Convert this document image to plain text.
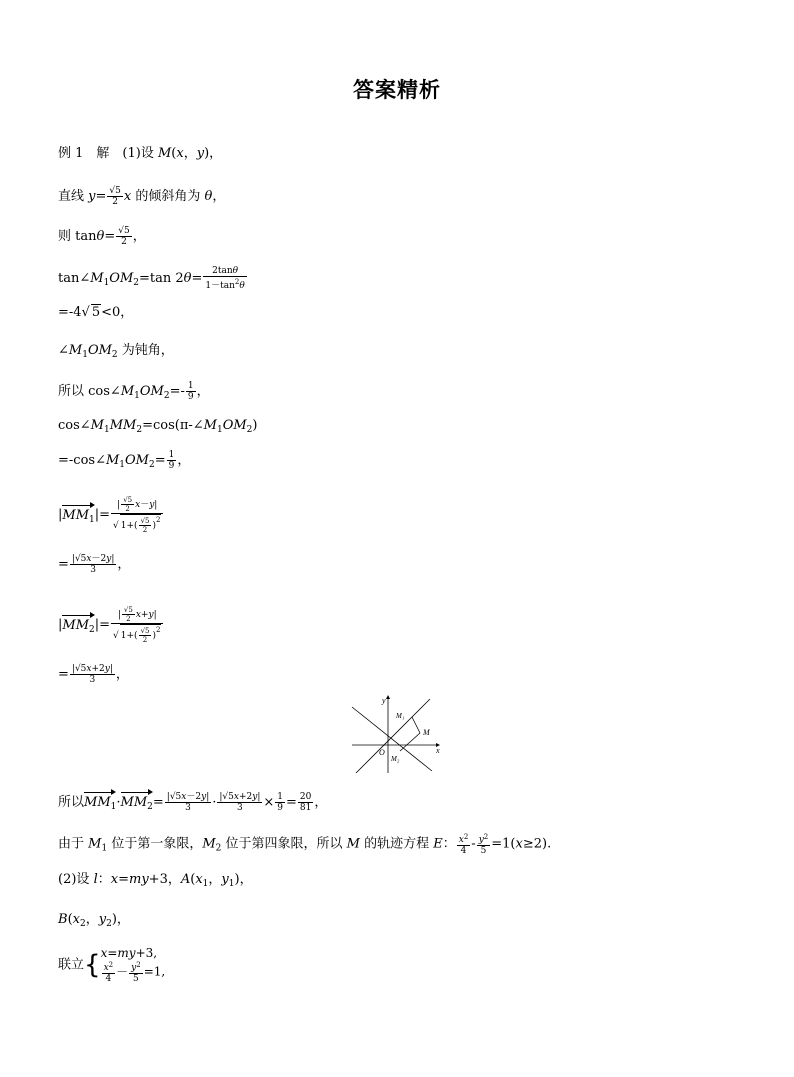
答案精析
例 1　解　(1)设 M(x，y)，
直线 $y= \frac{√5}{2}$ x 的倾斜角为 θ，
则 $\tan\theta= \frac{√5}{2}$ ，
$\tan\angle M_1OM_2=\tan$ $2\theta= \frac{2\tan\theta}{1-\tan^2\theta}$
=-4√ 5<0，
$\angle M_1OM_2$ 为钝角，
所以 $\cos\angle M_1OM_2=- \frac{1}{9}$ ，
$\cos\angle M_1MM_2=\cos(\pi-\angle M_1OM_2)$
$=-\cos\angle M_1OM_2= \frac{1}{9}$ ，
$|MM_1|= \frac{| \frac{√5}{2} x-y|}{√ 1+( \frac{√5}{2} )^2}$
= $\frac{|√5x-2y|}{3}$ ，
$|MM_2|= \frac{| \frac{√5}{2} x+y|}{√ 1+( \frac{√5}{2} )^2}$
= $\frac{|√5x+2y|}{3}$ ，
y
x
O
M
M₁
M₂
所以$MM_1\cdot MM_2= \frac{|√5x-2y|}{3} \cdot \frac{|√5x+2y|}{3} \times \frac{1}{9} = \frac{20}{81}$ ，
由于 $M_1$ 位于第一象限，$M_2$ 位于第四象限，所以 M 的轨迹方程 E： $\frac{x^2}{4} - \frac{y^2}{5} =1(x\ge 2)$.
(2)设 l：x=my+3，$A(x_1$，$y_1$)，
$B(x_2$，$y_2$)，
联立{x=my+3,

$\frac{x^2}{4} - \frac{y^2}{5} =1$,
